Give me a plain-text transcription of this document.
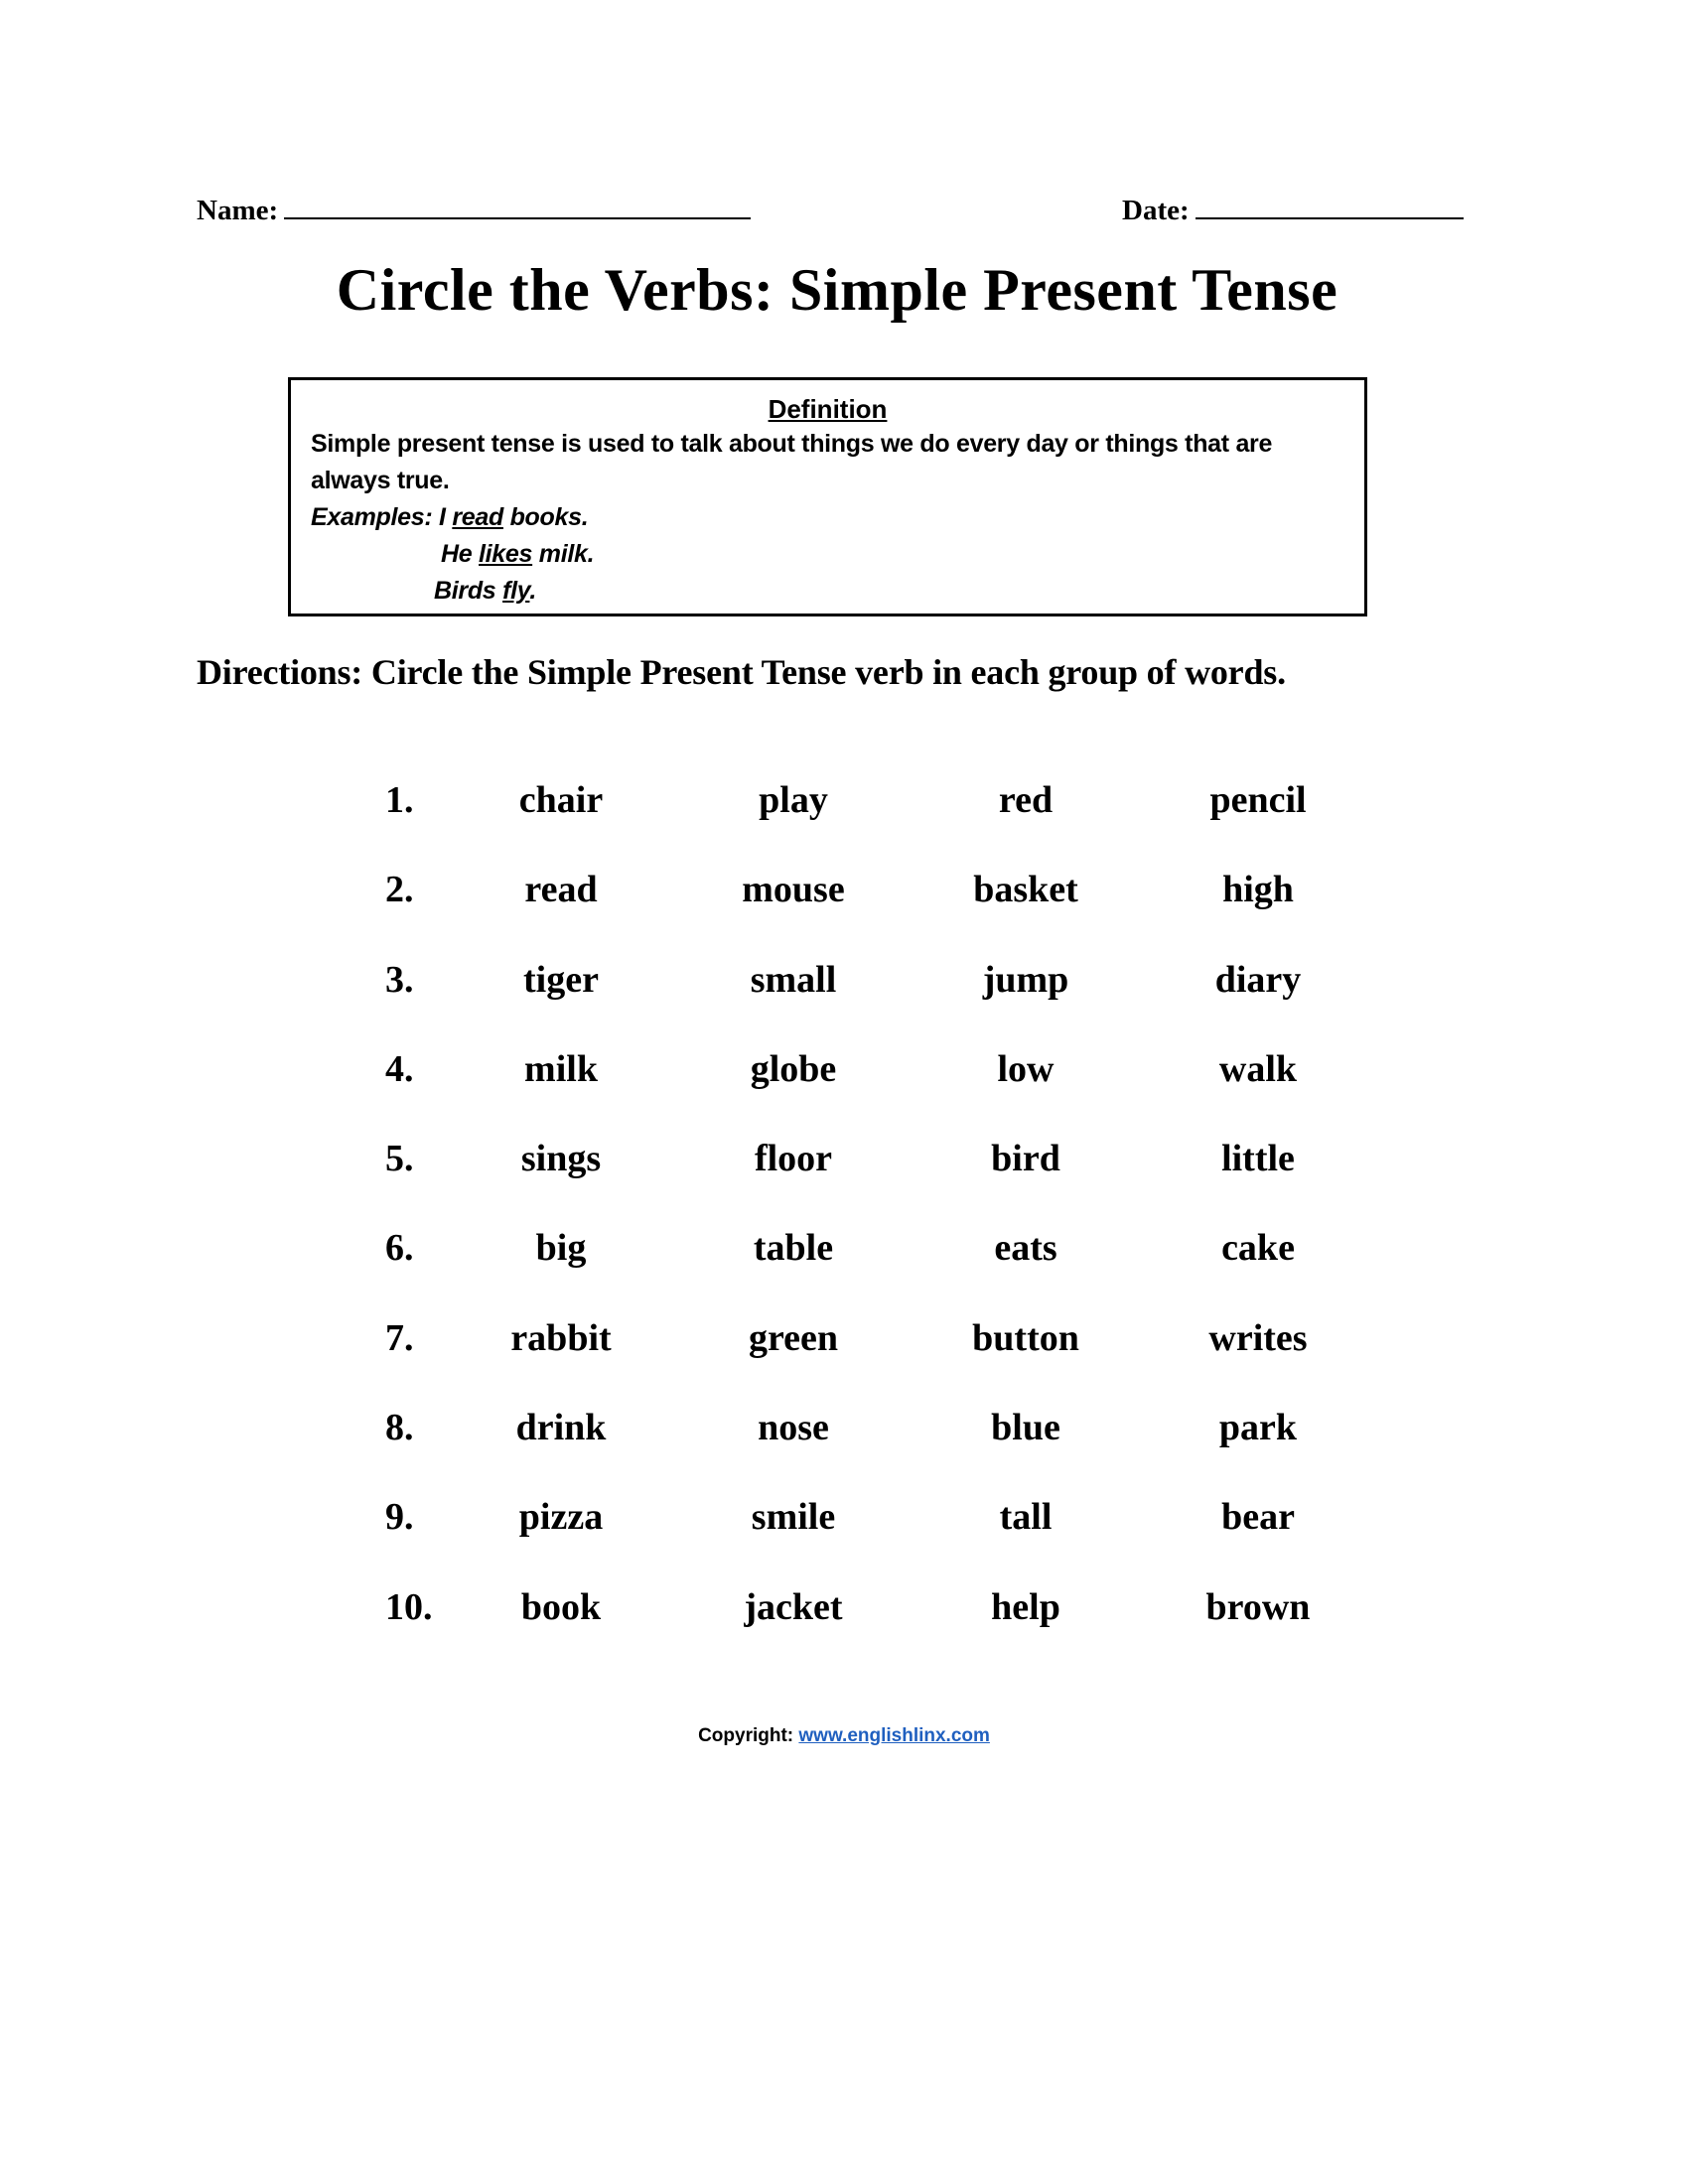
Name:	Date:
Circle the Verbs: Simple Present Tense
Definition
Simple present tense is used to talk about things we do every day or things that are always true.
Examples: I read books.
He likes milk.
Birds fly.
Directions: Circle the Simple Present Tense verb in each group of words.
1.	chair	play	red	pencil
2.	read	mouse	basket	high
3.	tiger	small	jump	diary
4.	milk	globe	low	walk
5.	sings	floor	bird	little
6.	big	table	eats	cake
7.	rabbit	green	button	writes
8.	drink	nose	blue	park
9.	pizza	smile	tall	bear
10.	book	jacket	help	brown
Copyright: www.englishlinx.com
